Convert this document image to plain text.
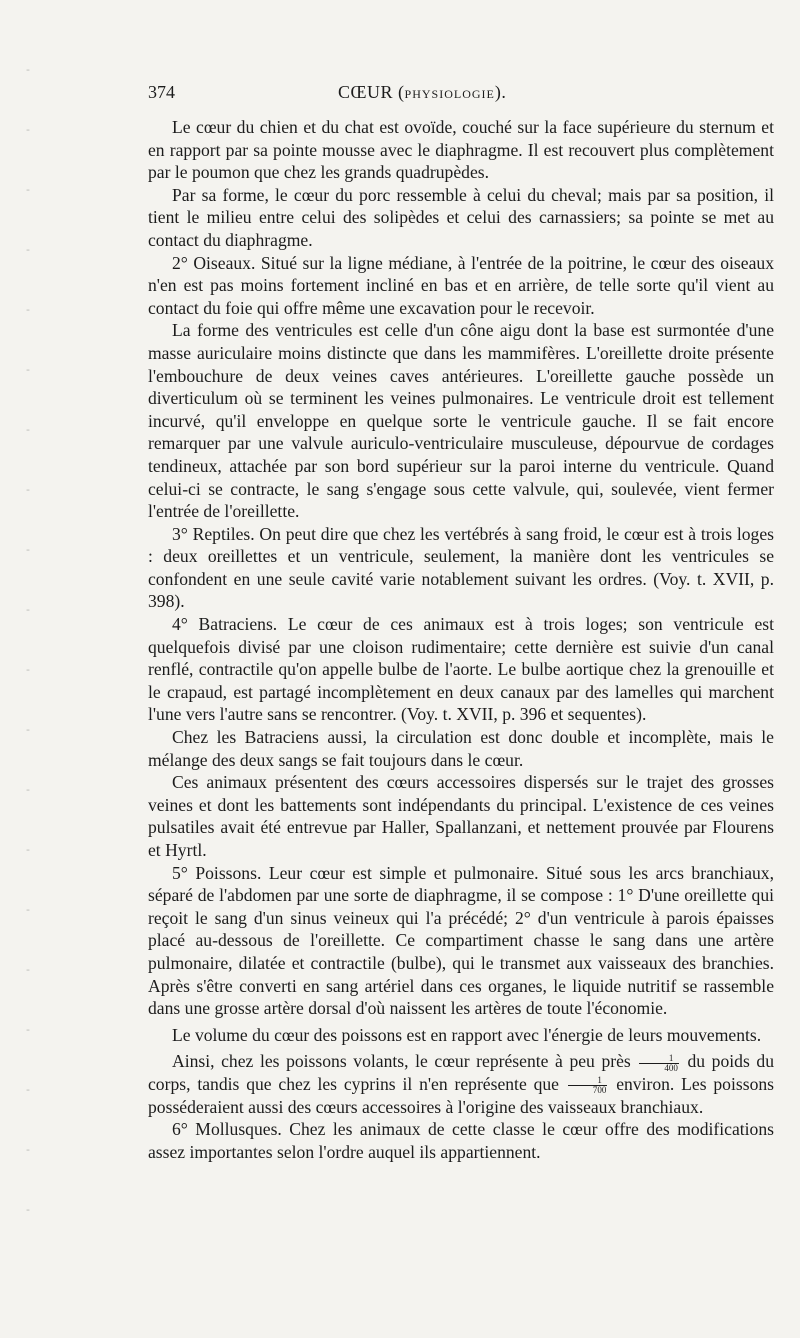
-
-
-
-
-
-
-
-
-
-
-
-
-
-
-
-
-
-
-
-
374	CŒUR (PHYSIOLOGIE).

Le cœur du chien et du chat est ovoïde, couché sur la face supérieure du sternum et en rapport par sa pointe mousse avec le diaphragme. Il est recouvert plus complètement par le poumon que chez les grands quadrupèdes.

Par sa forme, le cœur du porc ressemble à celui du cheval; mais par sa position, il tient le milieu entre celui des solipèdes et celui des carnassiers; sa pointe se met au contact du diaphragme.

2° Oiseaux. Situé sur la ligne médiane, à l'entrée de la poitrine, le cœur des oiseaux n'en est pas moins fortement incliné en bas et en arrière, de telle sorte qu'il vient au contact du foie qui offre même une excavation pour le recevoir.

La forme des ventricules est celle d'un cône aigu dont la base est surmontée d'une masse auriculaire moins distincte que dans les mammifères. L'oreillette droite présente l'embouchure de deux veines caves antérieures. L'oreillette gauche possède un diverticulum où se terminent les veines pulmonaires. Le ventricule droit est tellement incurvé, qu'il enveloppe en quelque sorte le ventricule gauche. Il se fait encore remarquer par une valvule auriculo-ventriculaire musculeuse, dépourvue de cordages tendineux, attachée par son bord supérieur sur la paroi interne du ventricule. Quand celui-ci se contracte, le sang s'engage sous cette valvule, qui, soulevée, vient fermer l'entrée de l'oreillette.

3° Reptiles. On peut dire que chez les vertébrés à sang froid, le cœur est à trois loges : deux oreillettes et un ventricule, seulement, la manière dont les ventricules se confondent en une seule cavité varie notablement suivant les ordres. (Voy. t. XVII, p. 398).

4° Batraciens. Le cœur de ces animaux est à trois loges; son ventricule est quelquefois divisé par une cloison rudimentaire; cette dernière est suivie d'un canal renflé, contractile qu'on appelle bulbe de l'aorte. Le bulbe aortique chez la grenouille et le crapaud, est partagé incomplètement en deux canaux par des lamelles qui marchent l'une vers l'autre sans se rencontrer. (Voy. t. XVII, p. 396 et sequentes).

Chez les Batraciens aussi, la circulation est donc double et incomplète, mais le mélange des deux sangs se fait toujours dans le cœur.

Ces animaux présentent des cœurs accessoires dispersés sur le trajet des grosses veines et dont les battements sont indépendants du principal. L'existence de ces veines pulsatiles avait été entrevue par Haller, Spallanzani, et nettement prouvée par Flourens et Hyrtl.

5° Poissons. Leur cœur est simple et pulmonaire. Situé sous les arcs branchiaux, séparé de l'abdomen par une sorte de diaphragme, il se compose : 1° D'une oreillette qui reçoit le sang d'un sinus veineux qui l'a précédé; 2° d'un ventricule à parois épaisses placé au-dessous de l'oreillette. Ce compartiment chasse le sang dans une artère pulmonaire, dilatée et contractile (bulbe), qui le transmet aux vaisseaux des branchies. Après s'être converti en sang artériel dans ces organes, le liquide nutritif se rassemble dans une grosse artère dorsal d'où naissent les artères de toute l'économie.

Le volume du cœur des poissons est en rapport avec l'énergie de leurs mouvements.

Ainsi, chez les poissons volants, le cœur représente à peu près $\frac{1}{400}$ du poids du corps, tandis que chez les cyprins il n'en représente que $\frac{1}{700}$ environ. Les poissons posséderaient aussi des cœurs accessoires à l'origine des vaisseaux branchiaux.

6° Mollusques. Chez les animaux de cette classe le cœur offre des modifications assez importantes selon l'ordre auquel ils appartiennent.
